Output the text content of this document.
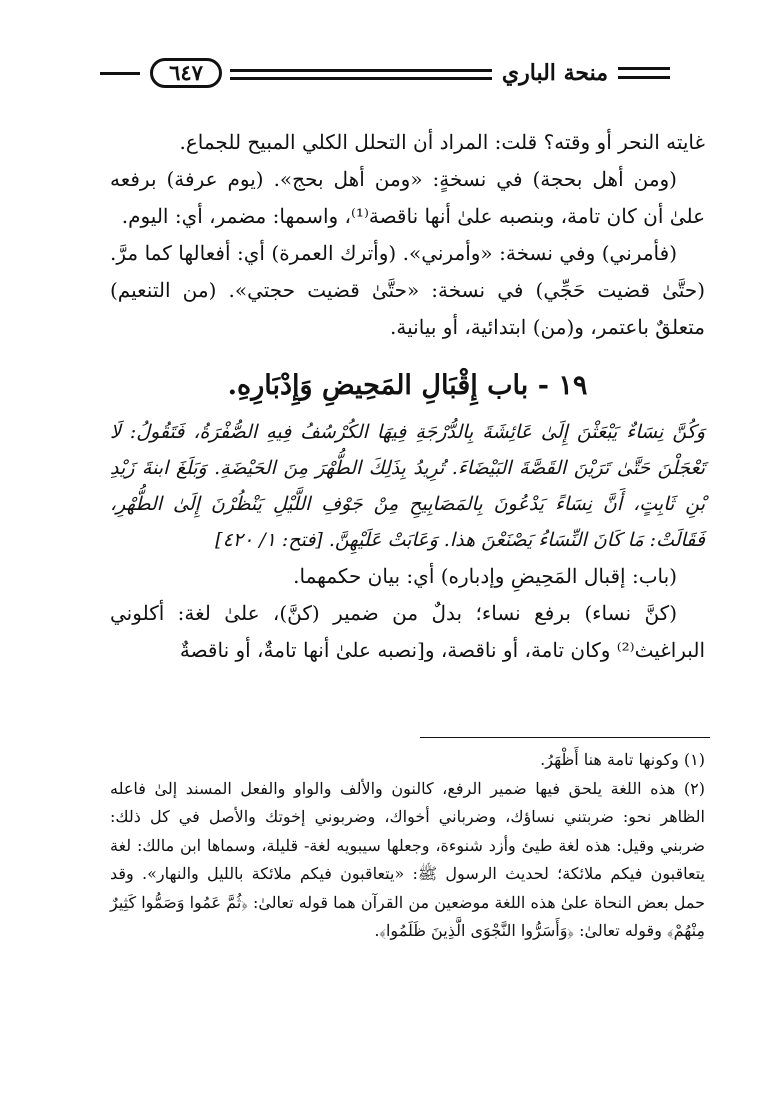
٦٤٧	منحة الباري

غايته النحر أو وقته؟ قلت: المراد أن التحلل الكلي المبيح للجماع.

(ومن أهل بحجة) في نسخةٍ: «ومن أهل بحج». (يوم عرفة) برفعه علىٰ أن كان تامة، وبنصبه علىٰ أنها ناقصة⁽¹⁾، واسمها: مضمر، أي: اليوم.

(فأمرني) وفي نسخة: «وأمرني». (وأترك العمرة) أي: أفعالها كما مرَّ. (حتَّىٰ قضيت حَجِّي) في نسخة: «حتَّىٰ قضيت حجتي». (من التنعيم) متعلقٌ باعتمر، و(من) ابتدائية، أو بيانية.

١٩ - باب إِقْبَالِ المَحِيضِ وَإِدْبَارِهِ.

وَكُنَّ نِسَاءٌ يَبْعَثْنَ إِلَىٰ عَائِشَةَ بِالدُّرْجَةِ فِيهَا الكُرْسُفُ فِيهِ الصُّفْرَةُ، فَتَقُولُ: لَا تَعْجَلْنَ حَتَّىٰ تَرَيْنَ القَصَّةَ البَيْضَاءَ. تُرِيدُ بِذَلِكَ الطُّهْرَ مِنَ الحَيْضَةِ. وَبَلَغَ ابنةَ زَيْدِ بْنِ ثَابِتٍ، أَنَّ نِسَاءً يَدْعُونَ بِالمَصَابِيحِ مِنْ جَوْفِ اللَّيْلِ يَنْظُرْنَ إِلَىٰ الطُّهْرِ، فَقَالَتْ: مَا كَانَ النِّسَاءُ يَصْنَعْنَ هذا. وَعَابَتْ عَلَيْهِنَّ. [فتح: ١/ ٤٢٠]

(باب: إقبال المَحِيضِ وإدباره) أي: بيان حكمهما.

(كنَّ نساء) برفع نساء؛ بدلٌ من ضمير (كنَّ)، علىٰ لغة: أكلوني البراغيث⁽²⁾ وكان تامة، أو ناقصة، و[نصبه علىٰ أنها تامةٌ، أو ناقصةٌ

(١) وكونها تامة هنا أَظْهَرُ.

(٢) هذه اللغة يلحق فيها ضمير الرفع، كالنون والألف والواو والفعل المسند إلىٰ فاعله الظاهر نحو: ضربتني نساؤك، وضرباني أخواك، وضربوني إخوتك والأصل في كل ذلك: ضربني وقيل: هذه لغة طيئ وأزد شنوءة، وجعلها سيبويه لغة- قليلة، وسماها ابن مالك: لغة يتعاقبون فيكم ملائكة؛ لحديث الرسول ﷺ: «يتعاقبون فيكم ملائكة بالليل والنهار». وقد حمل بعض النحاة علىٰ هذه اللغة موضعين من القرآن هما قوله تعالىٰ: ﴿ثُمَّ عَمُوا وَصَمُّوا كَثِيرٌ مِنْهُمْ﴾ وقوله تعالىٰ: ﴿وَأَسَرُّوا النَّجْوَى الَّذِينَ ظَلَمُوا﴾.
